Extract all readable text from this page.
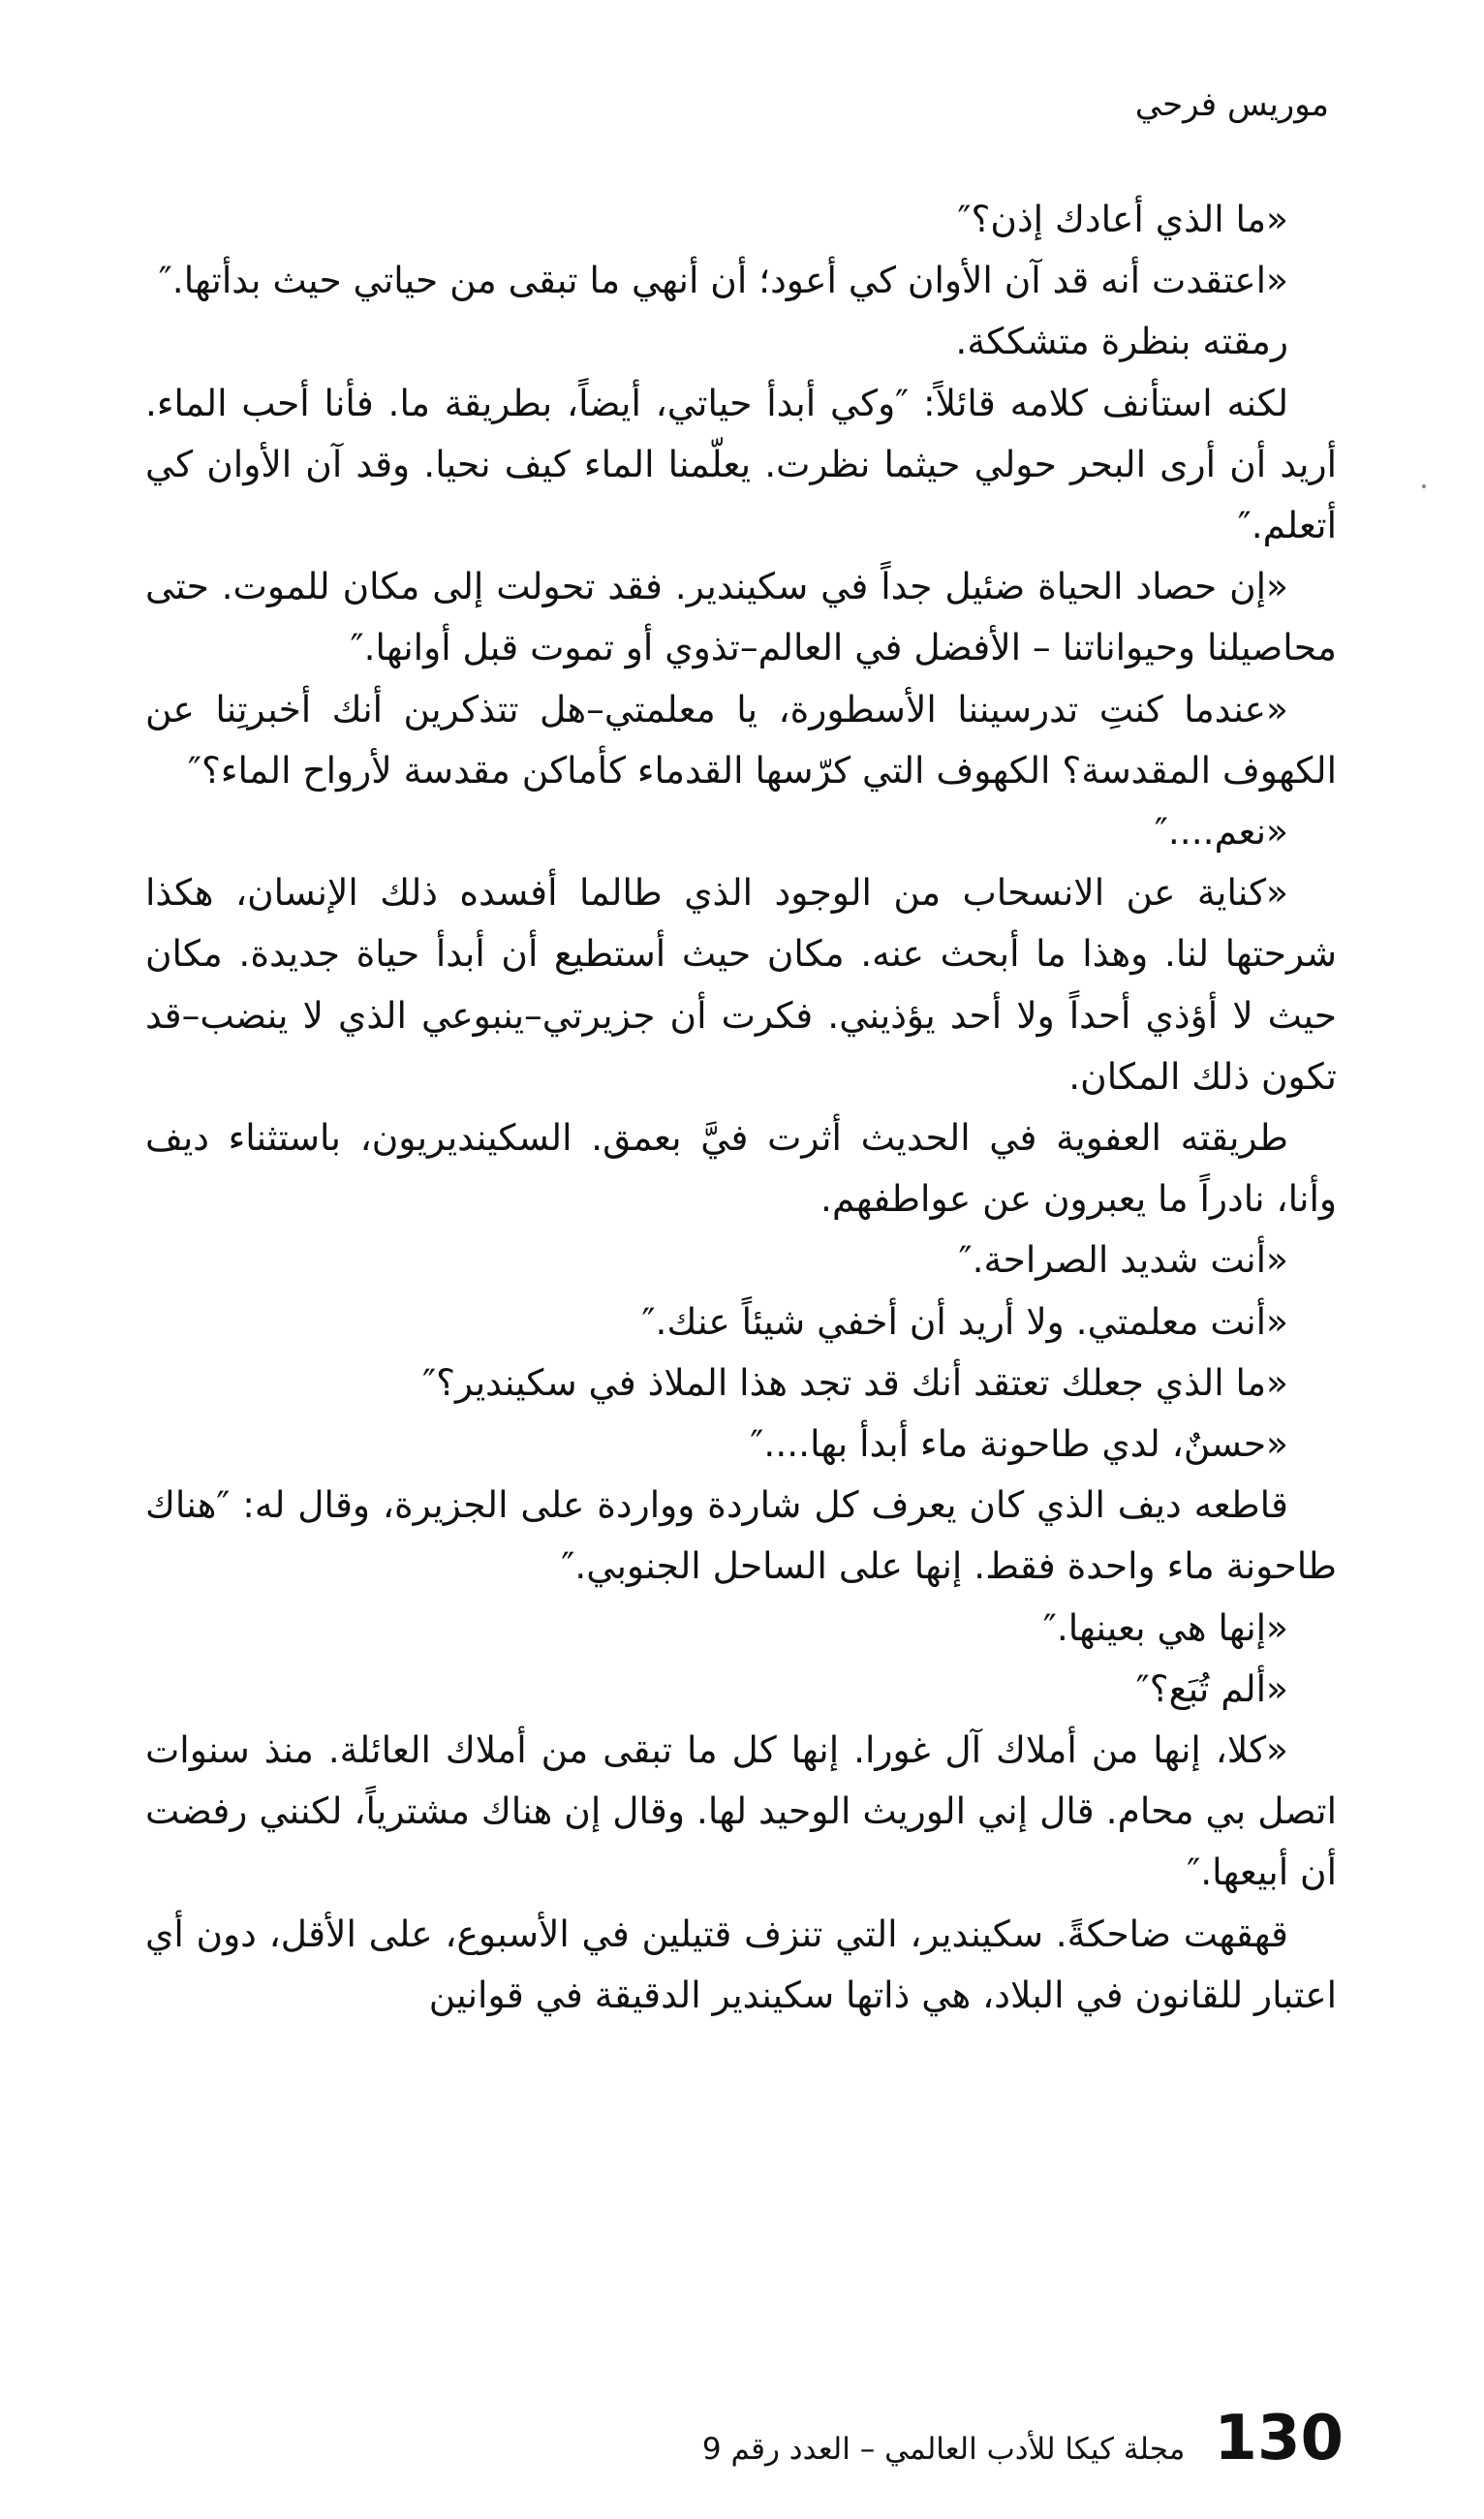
موريس فرحي

«ما الذي أعادك إذن؟″

«اعتقدت أنه قد آن الأوان كي أعود؛ أن أنهي ما تبقى من حياتي حيث بدأتها.″

رمقته بنظرة متشككة.

لكنه استأنف كلامه قائلاً: ″وكي أبدأ حياتي، أيضاً، بطريقة ما. فأنا أحب الماء. أريد أن أرى البحر حولي حيثما نظرت. يعلّمنا الماء كيف نحيا. وقد آن الأوان كي أتعلم.″

«إن حصاد الحياة ضئيل جداً في سكيندير. فقد تحولت إلى مكان للموت. حتى محاصيلنا وحيواناتنا – الأفضل في العالم–تذوي أو تموت قبل أوانها.″

«عندما كنتِ تدرسيننا الأسطورة، يا معلمتي–هل تتذكرين أنك أخبرتِنا عن الكهوف المقدسة؟ الكهوف التي كرّسها القدماء كأماكن مقدسة لأرواح الماء؟″

«نعم....″

«كناية عن الانسحاب من الوجود الذي طالما أفسده ذلك الإنسان، هكذا شرحتها لنا. وهذا ما أبحث عنه. مكان حيث أستطيع أن أبدأ حياة جديدة. مكان حيث لا أؤذي أحداً ولا أحد يؤذيني. فكرت أن جزيرتي–ينبوعي الذي لا ينضب–قد تكون ذلك المكان.

طريقته العفوية في الحديث أثرت فيَّ بعمق. السكينديريون، باستثناء ديف وأنا، نادراً ما يعبرون عن عواطفهم.

«أنت شديد الصراحة.″

«أنت معلمتي. ولا أريد أن أخفي شيئاً عنك.″

«ما الذي جعلك تعتقد أنك قد تجد هذا الملاذ في سكيندير؟″

«حسنٌ، لدي طاحونة ماء أبدأ بها....″

قاطعه ديف الذي كان يعرف كل شاردة وواردة على الجزيرة، وقال له: ″هناك طاحونة ماء واحدة فقط. إنها على الساحل الجنوبي.″

«إنها هي بعينها.″

«ألم تُبَع؟″

«كلا، إنها من أملاك آل غورا. إنها كل ما تبقى من أملاك العائلة. منذ سنوات اتصل بي محام. قال إني الوريث الوحيد لها. وقال إن هناك مشترياً، لكنني رفضت أن أبيعها.″

قهقهت ضاحكةً. سكيندير، التي تنزف قتيلين في الأسبوع، على الأقل، دون أي اعتبار للقانون في البلاد، هي ذاتها سكيندير الدقيقة في قوانين

130
مجلة كيكا للأدب العالمي – العدد رقم 9
